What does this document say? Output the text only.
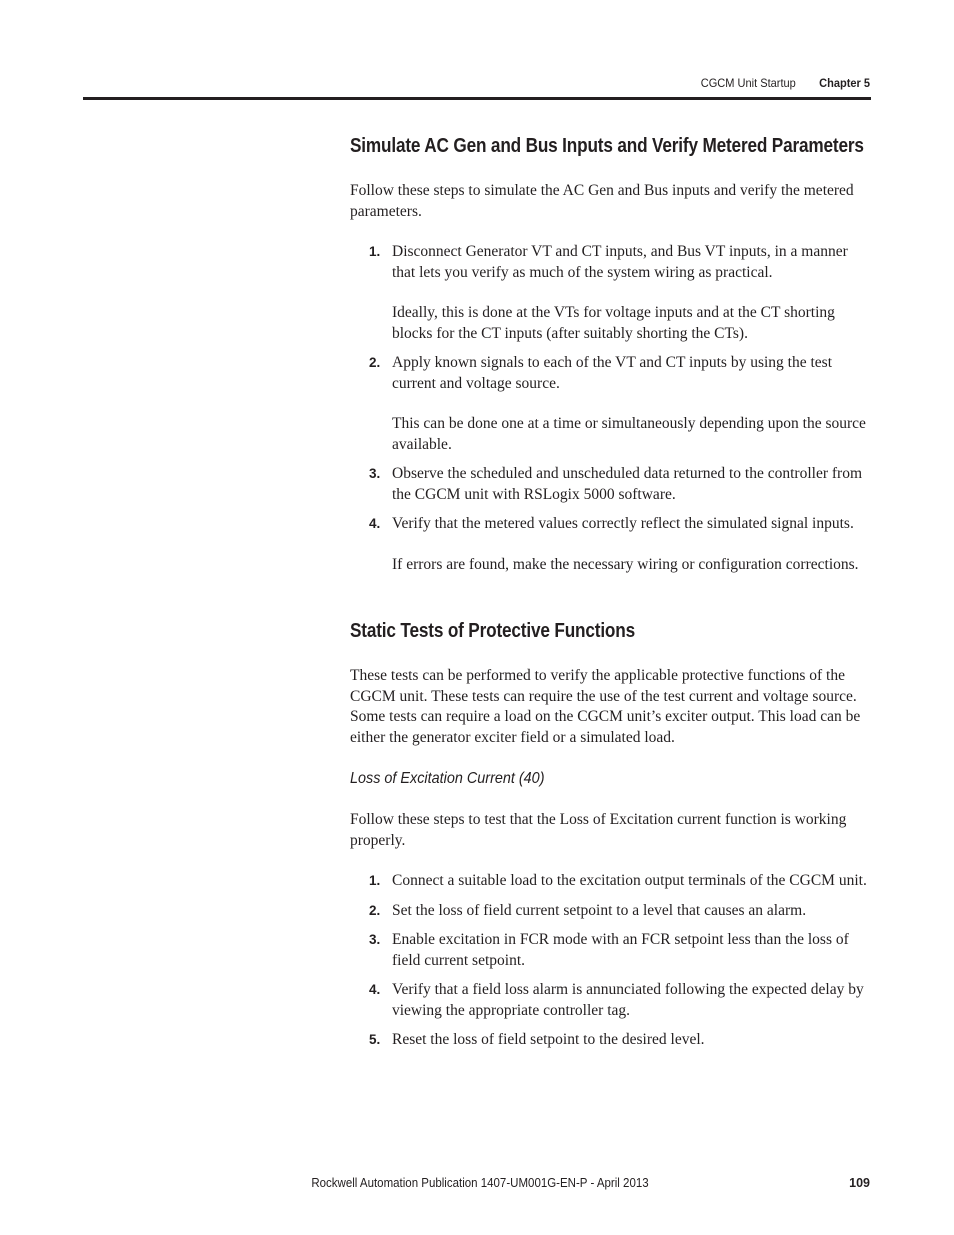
CGCM Unit Startup Chapter 5
Simulate AC Gen and Bus Inputs and Verify Metered Parameters

Follow these steps to simulate the AC Gen and Bus inputs and verify the metered parameters.

1. Disconnect Generator VT and CT inputs, and Bus VT inputs, in a manner that lets you verify as much of the system wiring as practical.
Ideally, this is done at the VTs for voltage inputs and at the CT shorting blocks for the CT inputs (after suitably shorting the CTs).
2. Apply known signals to each of the VT and CT inputs by using the test current and voltage source.
This can be done one at a time or simultaneously depending upon the source available.
3. Observe the scheduled and unscheduled data returned to the controller from the CGCM unit with RSLogix 5000 software.
4. Verify that the metered values correctly reflect the simulated signal inputs.
If errors are found, make the necessary wiring or configuration corrections.
Static Tests of Protective Functions

These tests can be performed to verify the applicable protective functions of the CGCM unit. These tests can require the use of the test current and voltage source. Some tests can require a load on the CGCM unit’s exciter output. This load can be either the generator exciter field or a simulated load.

Loss of Excitation Current (40)

Follow these steps to test that the Loss of Excitation current function is working properly.

1. Connect a suitable load to the excitation output terminals of the CGCM unit.
2. Set the loss of field current setpoint to a level that causes an alarm.
3. Enable excitation in FCR mode with an FCR setpoint less than the loss of field current setpoint.
4. Verify that a field loss alarm is annunciated following the expected delay by viewing the appropriate controller tag.
5. Reset the loss of field setpoint to the desired level.
Rockwell Automation Publication 1407-UM001G-EN-P - April 2013	109
